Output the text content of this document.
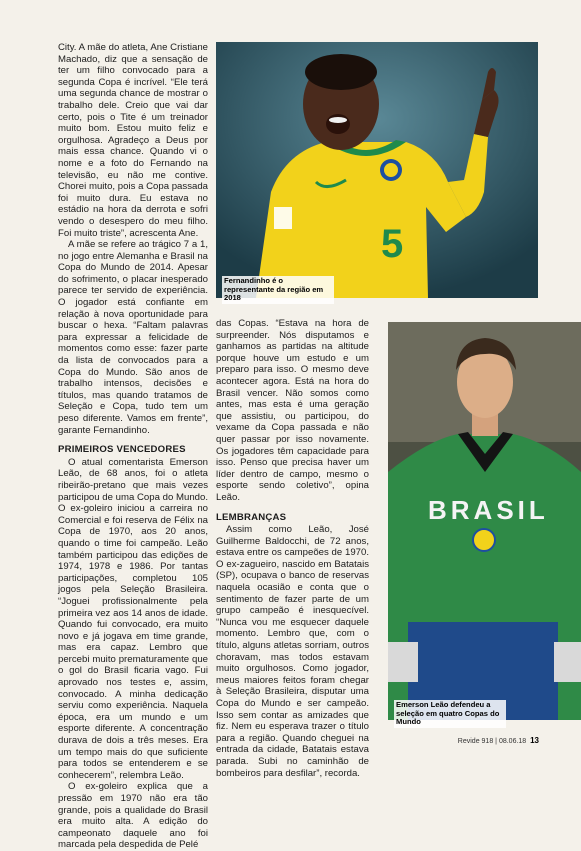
City. A mãe do atleta, Ane Cristiane Machado, diz que a sensação de ter um filho convocado para a segunda Copa é incrível. “Ele terá uma segunda chance de mostrar o trabalho dele. Creio que vai dar certo, pois o Tite é um treinador muito bom. Estou muito feliz e orgulhosa. Agradeço a Deus por mais essa chance. Quando vi o nome e a foto do Fernando na televisão, eu não me contive. Chorei muito, pois a Copa passada foi muito dura. Eu estava no estádio na hora da derrota e sofri vendo o desespero do meu filho. Foi muito triste”, acrescenta Ane.

A mãe se refere ao trágico 7 a 1, no jogo entre Alemanha e Brasil na Copa do Mundo de 2014. Apesar do sofrimento, o placar inesperado parece ter servido de experiência. O jogador está confiante em relação à nova oportunidade para buscar o hexa. “Faltam palavras para expressar a felicidade de momentos como esse: fazer parte da lista de convocados para a Copa do Mundo. São anos de trabalho intensos, decisões e títulos, mas quando tratamos de Seleção e Copa, tudo tem um peso diferente. Vamos em frente”, garante Fernandinho.

PRIMEIROS VENCEDORES

O atual comentarista Emerson Leão, de 68 anos, foi o atleta ribeirão-pretano que mais vezes participou de uma Copa do Mundo. O ex-goleiro iniciou a carreira no Comercial e foi reserva de Félix na Copa de 1970, aos 20 anos, quando o time foi campeão. Leão também participou das edições de 1974, 1978 e 1986. Por tantas participações, completou 105 jogos pela Seleção Brasileira. “Joguei profissionalmente pela primeira vez aos 14 anos de idade. Quando fui convocado, era muito novo e já jogava em time grande, mas era capaz. Lembro que percebi muito prematuramente que o gol do Brasil ficaria vago. Fui aprovado nos testes e, assim, convocado. A minha dedicação serviu como experiência. Naquela época, era um mundo e um esporte diferente. A concentração durava de dois a três meses. Era um tempo mais do que suficiente para todos se entenderem e se conhecerem”, relembra Leão.

O ex-goleiro explica que a pressão em 1970 não era tão grande, pois a qualidade do Brasil era muito alta. A edição do campeonato daquele ano foi marcada pela despedida de Pelé

5
Fernandinho é o representante da região em 2018

das Copas. “Estava na hora de surpreender. Nós disputamos e ganhamos as partidas na altitude porque houve um estudo e um preparo para isso. O mesmo deve acontecer agora. Está na hora do Brasil vencer. Não somos como antes, mas esta é uma geração que assistiu, ou participou, do vexame da Copa passada e não quer passar por isso novamente. Os jogadores têm capacidade para isso. Penso que precisa haver um líder dentro de campo, mesmo o esporte sendo coletivo”, opina Leão.

LEMBRANÇAS

Assim como Leão, José Guilherme Baldocchi, de 72 anos, estava entre os campeões de 1970. O ex-zagueiro, nascido em Batatais (SP), ocupava o banco de reservas naquela ocasião e conta que o sentimento de fazer parte de um grupo campeão é inesquecível. “Nunca vou me esquecer daquele momento. Lembro que, com o título, alguns atletas sorriam, outros choravam, mas todos estavam muito orgulhosos. Como jogador, meus maiores feitos foram chegar à Seleção Brasileira, disputar uma Copa do Mundo e ser campeão. Isso sem contar as amizades que fiz. Nem eu esperava trazer o título para a região. Quando cheguei na entrada da cidade, Batatais estava parada. Subi no caminhão de bombeiros para desfilar”, recorda.

BRASIL
Emerson Leão defendeu a seleção em quatro Copas do Mundo
Revide 918 | 08.06.18 13
